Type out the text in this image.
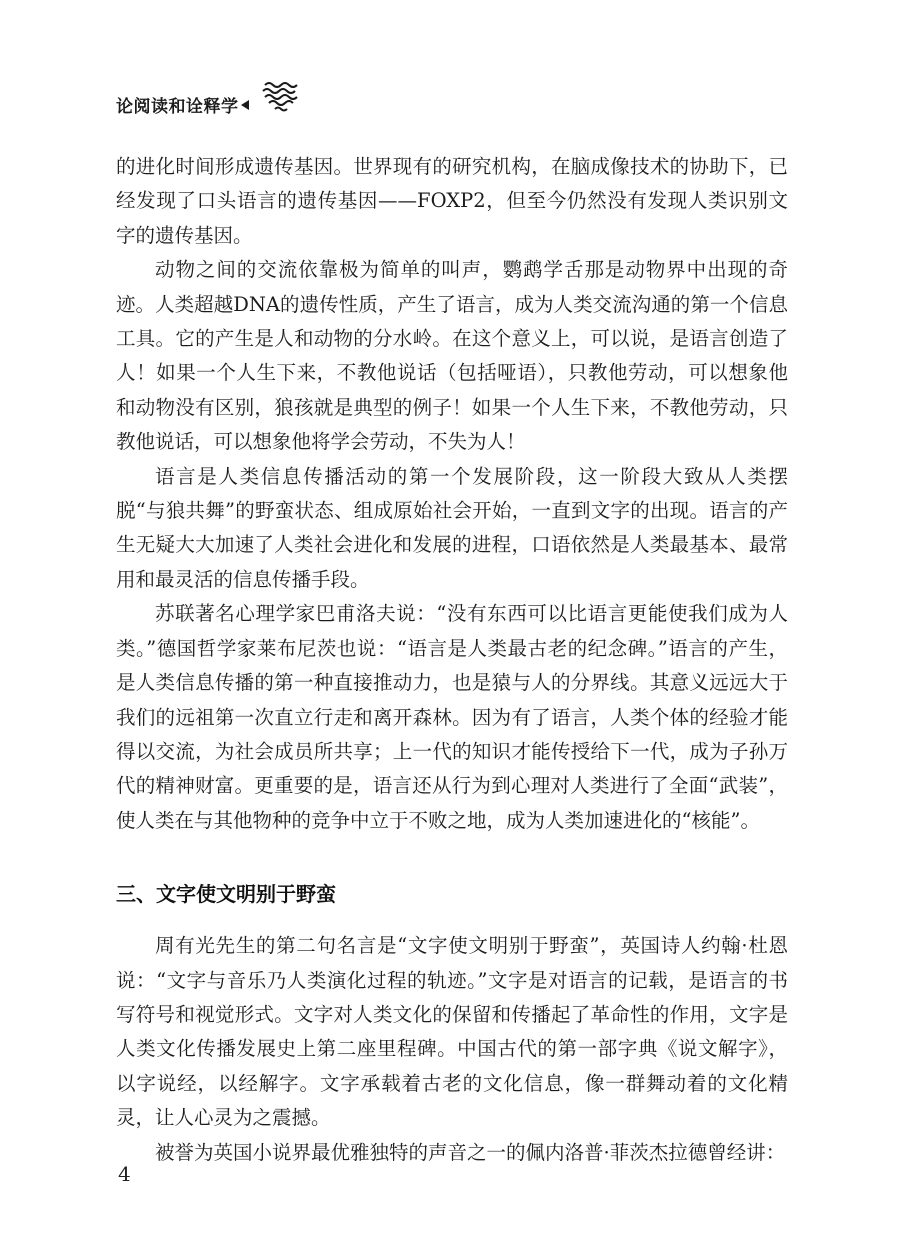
论阅读和诠释学

的进化时间形成遗传基因。世界现有的研究机构，在脑成像技术的协助下，已经发现了口头语言的遗传基因——FOXP2，但至今仍然没有发现人类识别文字的遗传基因。

动物之间的交流依靠极为简单的叫声，鹦鹉学舌那是动物界中出现的奇迹。人类超越DNA的遗传性质，产生了语言，成为人类交流沟通的第一个信息工具。它的产生是人和动物的分水岭。在这个意义上，可以说，是语言创造了人！如果一个人生下来，不教他说话（包括哑语），只教他劳动，可以想象他和动物没有区别，狼孩就是典型的例子！如果一个人生下来，不教他劳动，只教他说话，可以想象他将学会劳动，不失为人！

语言是人类信息传播活动的第一个发展阶段，这一阶段大致从人类摆脱“与狼共舞”的野蛮状态、组成原始社会开始，一直到文字的出现。语言的产生无疑大大加速了人类社会进化和发展的进程，口语依然是人类最基本、最常用和最灵活的信息传播手段。

苏联著名心理学家巴甫洛夫说：“没有东西可以比语言更能使我们成为人类。”德国哲学家莱布尼茨也说：“语言是人类最古老的纪念碑。”语言的产生，是人类信息传播的第一种直接推动力，也是猿与人的分界线。其意义远远大于我们的远祖第一次直立行走和离开森林。因为有了语言，人类个体的经验才能得以交流，为社会成员所共享；上一代的知识才能传授给下一代，成为子孙万代的精神财富。更重要的是，语言还从行为到心理对人类进行了全面“武装”，使人类在与其他物种的竞争中立于不败之地，成为人类加速进化的“核能”。

三、文字使文明别于野蛮

周有光先生的第二句名言是“文字使文明别于野蛮”，英国诗人约翰·杜恩说：“文字与音乐乃人类演化过程的轨迹。”文字是对语言的记载，是语言的书写符号和视觉形式。文字对人类文化的保留和传播起了革命性的作用，文字是人类文化传播发展史上第二座里程碑。中国古代的第一部字典《说文解字》，以字说经，以经解字。文字承载着古老的文化信息，像一群舞动着的文化精灵，让人心灵为之震撼。

被誉为英国小说界最优雅独特的声音之一的佩内洛普·菲茨杰拉德曾经讲：

4
